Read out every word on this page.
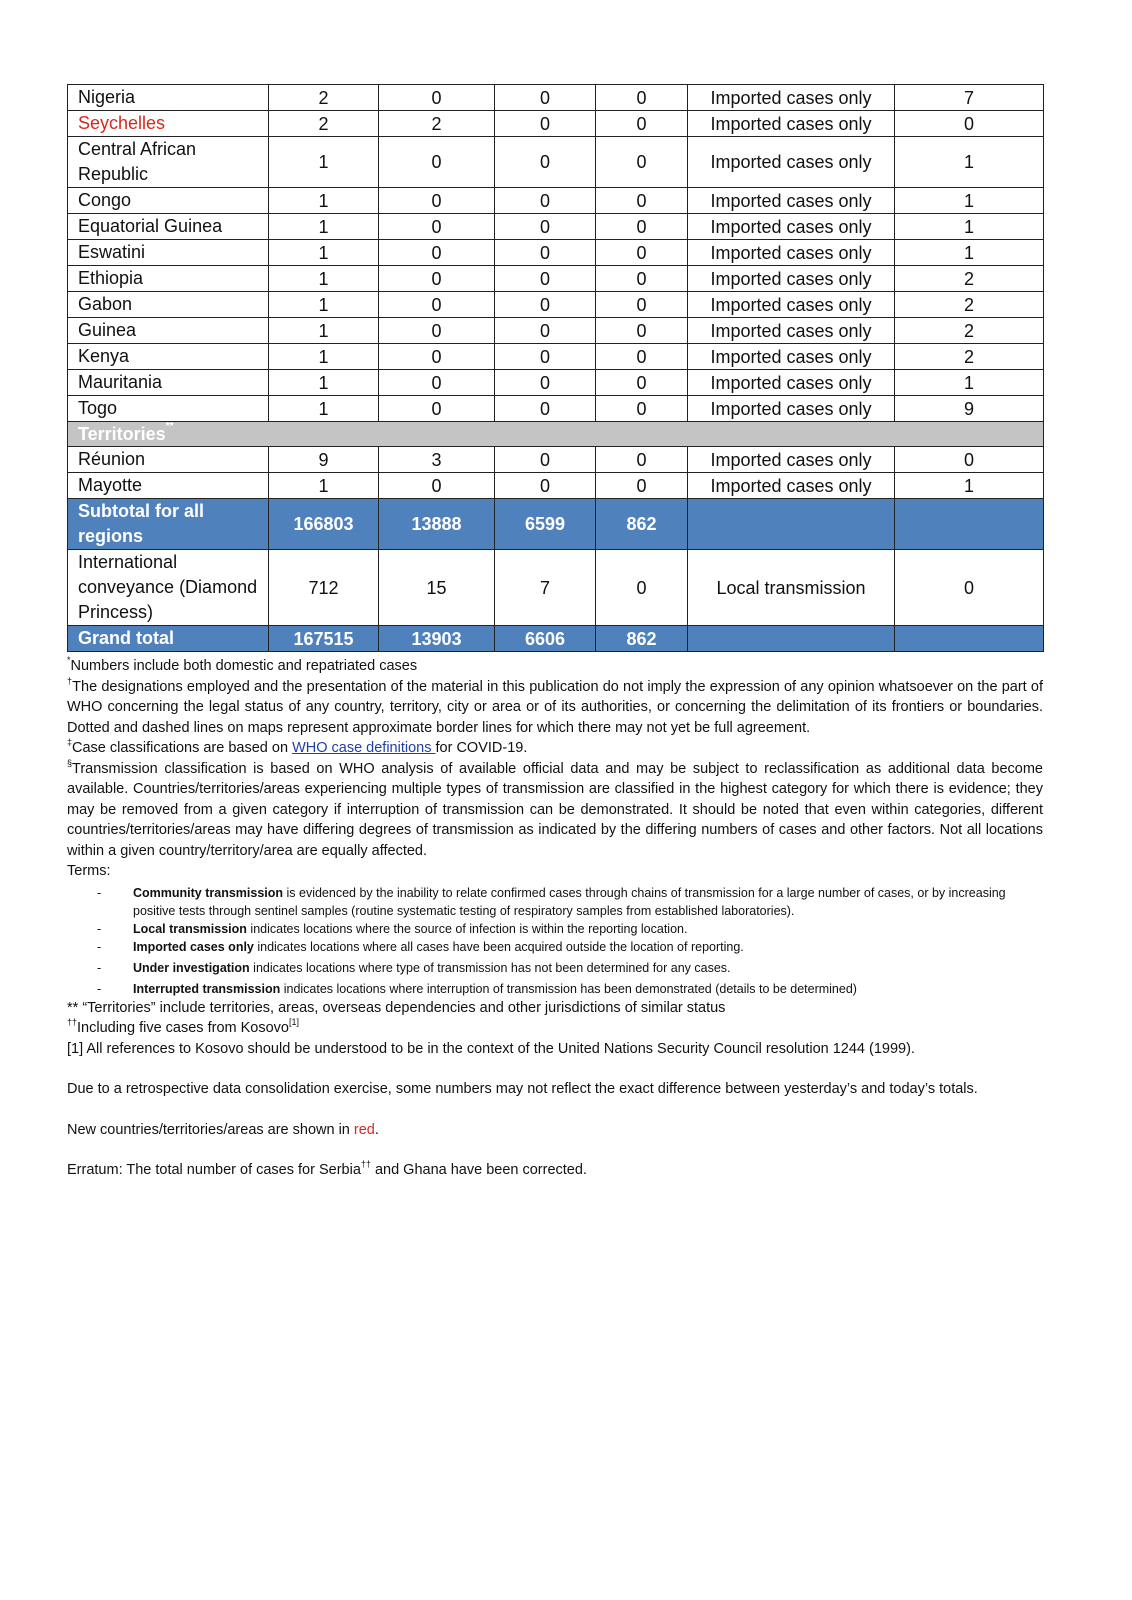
Nigeria	2	0	0	0	Imported cases only	7
Seychelles	2	2	0	0	Imported cases only	0
Central African Republic	1	0	0	0	Imported cases only	1
Congo	1	0	0	0	Imported cases only	1
Equatorial Guinea	1	0	0	0	Imported cases only	1
Eswatini	1	0	0	0	Imported cases only	1
Ethiopia	1	0	0	0	Imported cases only	2
Gabon	1	0	0	0	Imported cases only	2
Guinea	1	0	0	0	Imported cases only	2
Kenya	1	0	0	0	Imported cases only	2
Mauritania	1	0	0	0	Imported cases only	1
Togo	1	0	0	0	Imported cases only	9
Territories**
Réunion	9	3	0	0	Imported cases only	0
Mayotte	1	0	0	0	Imported cases only	1
Subtotal for all regions	166803	13888	6599	862		
International conveyance (Diamond Princess)	712	15	7	0	Local transmission	0
Grand total	167515	13903	6606	862		

*Numbers include both domestic and repatriated cases

†The designations employed and the presentation of the material in this publication do not imply the expression of any opinion whatsoever on the part of WHO concerning the legal status of any country, territory, city or area or of its authorities, or concerning the delimitation of its frontiers or boundaries. Dotted and dashed lines on maps represent approximate border lines for which there may not yet be full agreement.

‡Case classifications are based on WHO case definitions for COVID-19.

§Transmission classification is based on WHO analysis of available official data and may be subject to reclassification as additional data become available. Countries/territories/areas experiencing multiple types of transmission are classified in the highest category for which there is evidence; they may be removed from a given category if interruption of transmission can be demonstrated. It should be noted that even within categories, different countries/territories/areas may have differing degrees of transmission as indicated by the differing numbers of cases and other factors. Not all locations within a given country/territory/area are equally affected.

Terms:

-	Community transmission is evidenced by the inability to relate confirmed cases through chains of transmission for a large number of cases, or by increasing positive tests through sentinel samples (routine systematic testing of respiratory samples from established laboratories).
-	Local transmission indicates locations where the source of infection is within the reporting location.
-	Imported cases only indicates locations where all cases have been acquired outside the location of reporting.
-	Under investigation indicates locations where type of transmission has not been determined for any cases.
-	Interrupted transmission indicates locations where interruption of transmission has been demonstrated (details to be determined)

** “Territories” include territories, areas, overseas dependencies and other jurisdictions of similar status

††Including five cases from Kosovo[1]

[1] All references to Kosovo should be understood to be in the context of the United Nations Security Council resolution 1244 (1999).

Due to a retrospective data consolidation exercise, some numbers may not reflect the exact difference between yesterday’s and today’s totals.

New countries/territories/areas are shown in red.

Erratum: The total number of cases for Serbia†† and Ghana have been corrected.
